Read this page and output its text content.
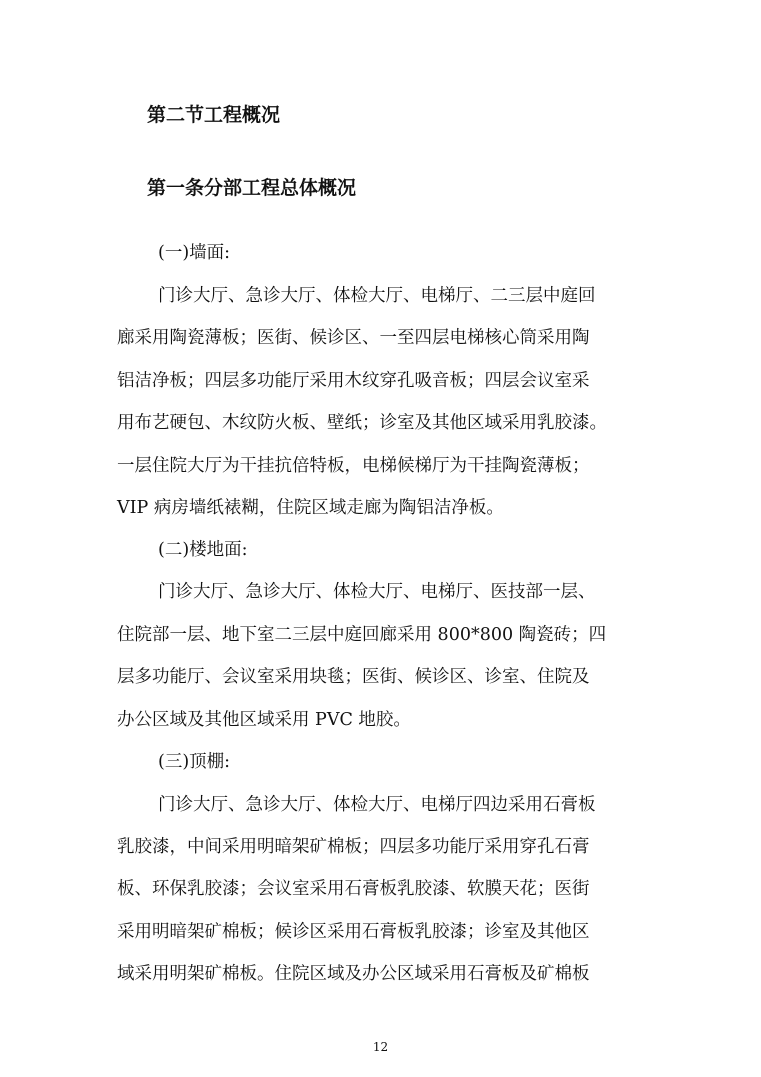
第二节工程概况
第一条分部工程总体概况
(一)墙面:
门诊大厅、急诊大厅、体检大厅、电梯厅、二三层中庭回
廊采用陶瓷薄板；医街、候诊区、一至四层电梯核心筒采用陶
铝洁净板；四层多功能厅采用木纹穿孔吸音板；四层会议室采
用布艺硬包、木纹防火板、壁纸；诊室及其他区域采用乳胶漆。
一层住院大厅为干挂抗倍特板，电梯候梯厅为干挂陶瓷薄板；
VIP 病房墙纸裱糊，住院区域走廊为陶铝洁净板。
(二)楼地面:
门诊大厅、急诊大厅、体检大厅、电梯厅、医技部一层、
住院部一层、地下室二三层中庭回廊采用 800*800 陶瓷砖；四
层多功能厅、会议室采用块毯；医街、候诊区、诊室、住院及
办公区域及其他区域采用 PVC 地胶。
(三)顶棚:
门诊大厅、急诊大厅、体检大厅、电梯厅四边采用石膏板
乳胶漆，中间采用明暗架矿棉板；四层多功能厅采用穿孔石膏
板、环保乳胶漆；会议室采用石膏板乳胶漆、软膜天花；医街
采用明暗架矿棉板；候诊区采用石膏板乳胶漆；诊室及其他区
域采用明架矿棉板。住院区域及办公区域采用石膏板及矿棉板
12
